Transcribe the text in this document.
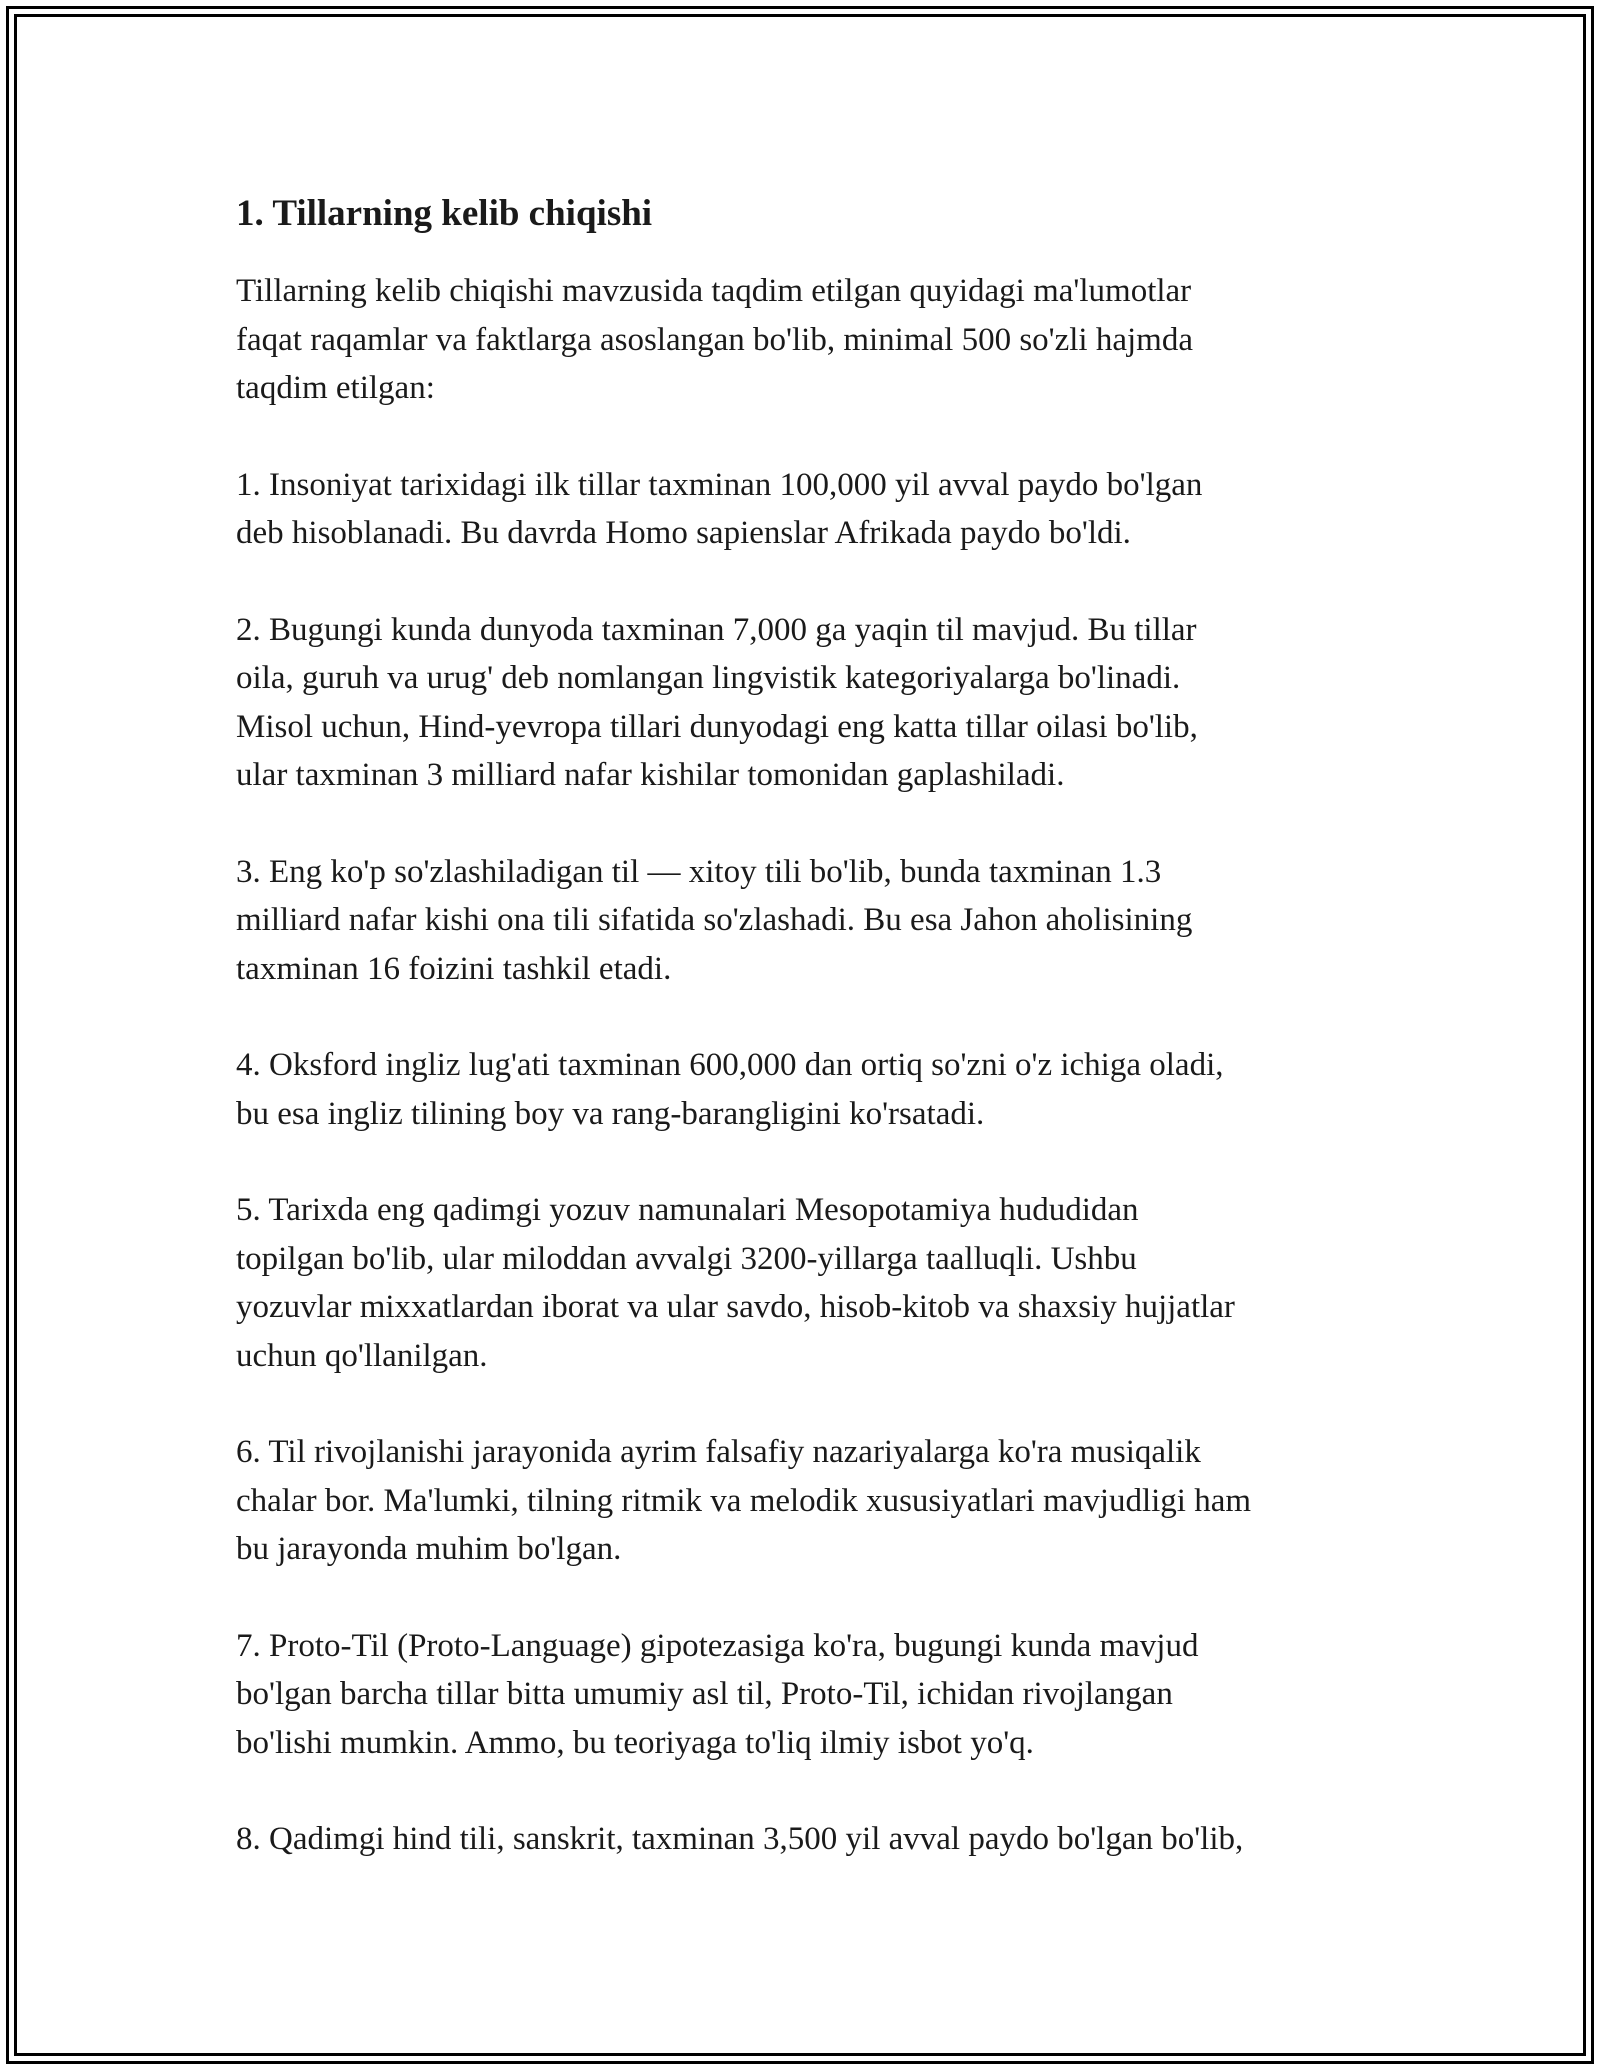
1. Tillarning kelib chiqishi

Tillarning kelib chiqishi mavzusida taqdim etilgan quyidagi ma'lumotlar
faqat raqamlar va faktlarga asoslangan bo'lib, minimal 500 so'zli hajmda
taqdim etilgan:

1. Insoniyat tarixidagi ilk tillar taxminan 100,000 yil avval paydo bo'lgan
deb hisoblanadi. Bu davrda Homo sapienslar Afrikada paydo bo'ldi.

2. Bugungi kunda dunyoda taxminan 7,000 ga yaqin til mavjud. Bu tillar
oila, guruh va urug' deb nomlangan lingvistik kategoriyalarga bo'linadi.
Misol uchun, Hind-yevropa tillari dunyodagi eng katta tillar oilasi bo'lib,
ular taxminan 3 milliard nafar kishilar tomonidan gaplashiladi.

3. Eng ko'p so'zlashiladigan til — xitoy tili bo'lib, bunda taxminan 1.3
milliard nafar kishi ona tili sifatida so'zlashadi. Bu esa Jahon aholisining
taxminan 16 foizini tashkil etadi.

4. Oksford ingliz lug'ati taxminan 600,000 dan ortiq so'zni o'z ichiga oladi,
bu esa ingliz tilining boy va rang-barangligini ko'rsatadi.

5. Tarixda eng qadimgi yozuv namunalari Mesopotamiya hududidan
topilgan bo'lib, ular miloddan avvalgi 3200-yillarga taalluqli. Ushbu
yozuvlar mixxatlardan iborat va ular savdo, hisob-kitob va shaxsiy hujjatlar
uchun qo'llanilgan.

6. Til rivojlanishi jarayonida ayrim falsafiy nazariyalarga ko'ra musiqalik
chalar bor. Ma'lumki, tilning ritmik va melodik xususiyatlari mavjudligi ham
bu jarayonda muhim bo'lgan.

7. Proto-Til (Proto-Language) gipotezasiga ko'ra, bugungi kunda mavjud
bo'lgan barcha tillar bitta umumiy asl til, Proto-Til, ichidan rivojlangan
bo'lishi mumkin. Ammo, bu teoriyaga to'liq ilmiy isbot yo'q.

8. Qadimgi hind tili, sanskrit, taxminan 3,500 yil avval paydo bo'lgan bo'lib,
